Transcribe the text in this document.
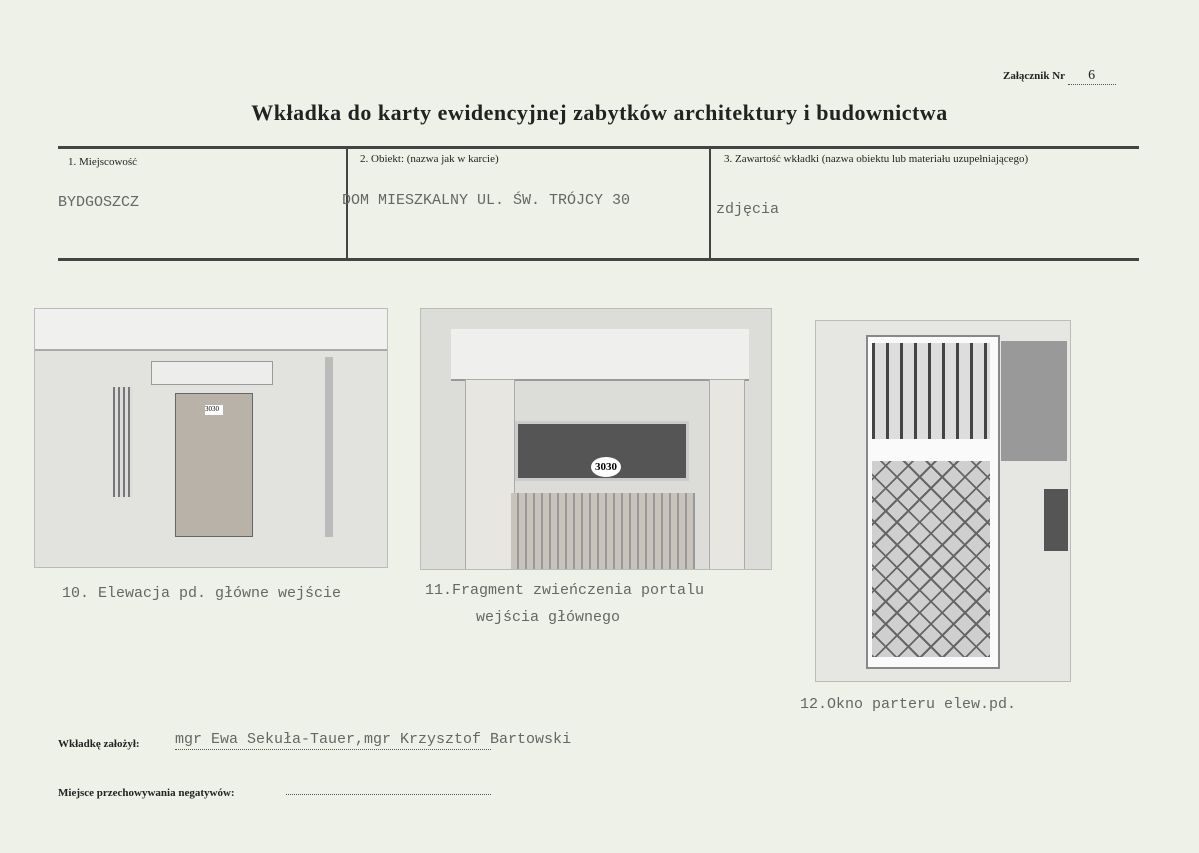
Załącznik Nr 6
Wkładka do karty ewidencyjnej zabytków architektury i budownictwa
1. Miejscowość
BYDGOSZCZ
2. Obiekt: (nazwa jak w karcie)
DOM MIESZKALNY UL. ŚW. TRÓJCY 30
3. Zawartość wkładki (nazwa obiektu lub materiału uzupełniającego)
zdjęcia
3030
10. Elewacja pd. główne wejście
3030
11.Fragment zwieńczenia portalu
wejścia głównego
12.Okno parteru elew.pd.
Wkładkę założył: mgr Ewa Sekuła-Tauer,mgr Krzysztof Bartowski
Miejsce przechowywania negatywów:
